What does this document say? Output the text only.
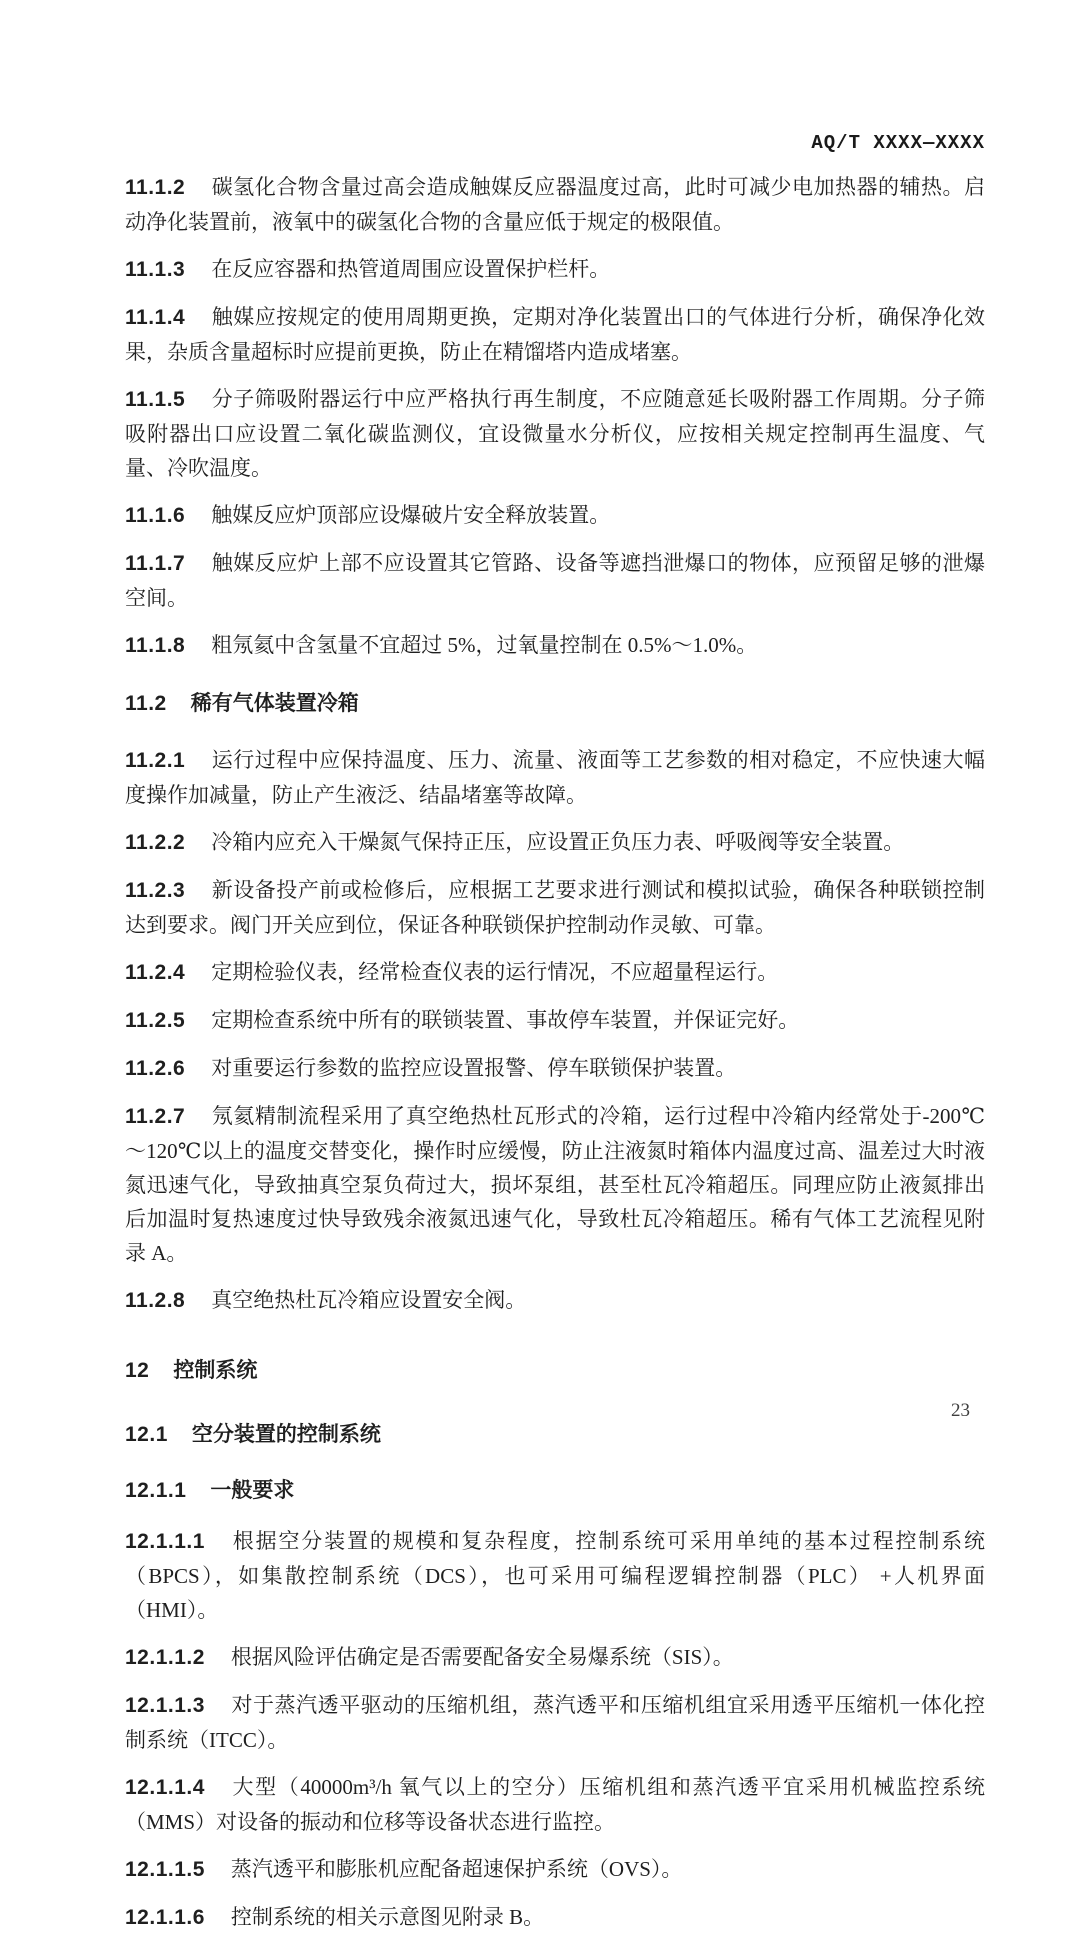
AQ/T XXXX—XXXX

11.1.2 碳氢化合物含量过高会造成触媒反应器温度过高，此时可减少电加热器的辅热。启动净化装置前，液氧中的碳氢化合物的含量应低于规定的极限值。

11.1.3 在反应容器和热管道周围应设置保护栏杆。

11.1.4 触媒应按规定的使用周期更换，定期对净化装置出口的气体进行分析，确保净化效果，杂质含量超标时应提前更换，防止在精馏塔内造成堵塞。

11.1.5 分子筛吸附器运行中应严格执行再生制度，不应随意延长吸附器工作周期。分子筛吸附器出口应设置二氧化碳监测仪，宜设微量水分析仪，应按相关规定控制再生温度、气量、冷吹温度。

11.1.6 触媒反应炉顶部应设爆破片安全释放装置。

11.1.7 触媒反应炉上部不应设置其它管路、设备等遮挡泄爆口的物体，应预留足够的泄爆空间。

11.1.8 粗氖氦中含氢量不宜超过 5%，过氧量控制在 0.5%～1.0%。

11.2 稀有气体装置冷箱

11.2.1 运行过程中应保持温度、压力、流量、液面等工艺参数的相对稳定，不应快速大幅度操作加减量，防止产生液泛、结晶堵塞等故障。

11.2.2 冷箱内应充入干燥氮气保持正压，应设置正负压力表、呼吸阀等安全装置。

11.2.3 新设备投产前或检修后，应根据工艺要求进行测试和模拟试验，确保各种联锁控制达到要求。阀门开关应到位，保证各种联锁保护控制动作灵敏、可靠。

11.2.4 定期检验仪表，经常检查仪表的运行情况，不应超量程运行。

11.2.5 定期检查系统中所有的联锁装置、事故停车装置，并保证完好。

11.2.6 对重要运行参数的监控应设置报警、停车联锁保护装置。

11.2.7 氖氦精制流程采用了真空绝热杜瓦形式的冷箱，运行过程中冷箱内经常处于-200℃～120℃以上的温度交替变化，操作时应缓慢，防止注液氮时箱体内温度过高、温差过大时液氮迅速气化，导致抽真空泵负荷过大，损坏泵组，甚至杜瓦冷箱超压。同理应防止液氮排出后加温时复热速度过快导致残余液氮迅速气化，导致杜瓦冷箱超压。稀有气体工艺流程见附录 A。

11.2.8 真空绝热杜瓦冷箱应设置安全阀。

12 控制系统

12.1 空分装置的控制系统

12.1.1 一般要求

12.1.1.1 根据空分装置的规模和复杂程度，控制系统可采用单纯的基本过程控制系统（BPCS），如集散控制系统（DCS），也可采用可编程逻辑控制器（PLC） +人机界面（HMI）。

12.1.1.2 根据风险评估确定是否需要配备安全易爆系统（SIS）。

12.1.1.3 对于蒸汽透平驱动的压缩机组，蒸汽透平和压缩机组宜采用透平压缩机一体化控制系统（ITCC）。

12.1.1.4 大型（40000m³/h 氧气以上的空分）压缩机组和蒸汽透平宜采用机械监控系统（MMS）对设备的振动和位移等设备状态进行监控。

12.1.1.5 蒸汽透平和膨胀机应配备超速保护系统（OVS）。

12.1.1.6 控制系统的相关示意图见附录 B。

23
